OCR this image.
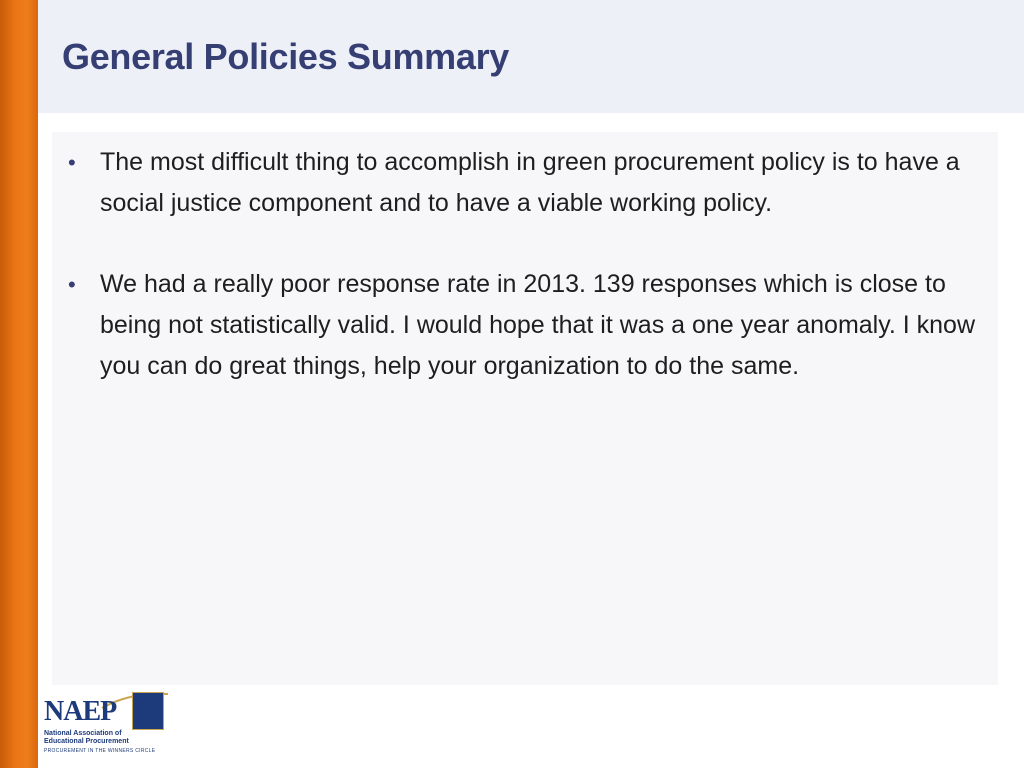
General Policies Summary
• The most difficult thing to accomplish in green procurement policy is to have a social justice component and to have a viable working policy.
• We had a really poor response rate in 2013. 139 responses which is close to being not statistically valid. I would hope that it was a one year anomaly. I know you can do great things, help your organization to do the same.
NAEP
National Association of
Educational Procurement
PROCUREMENT IN THE WINNERS CIRCLE
